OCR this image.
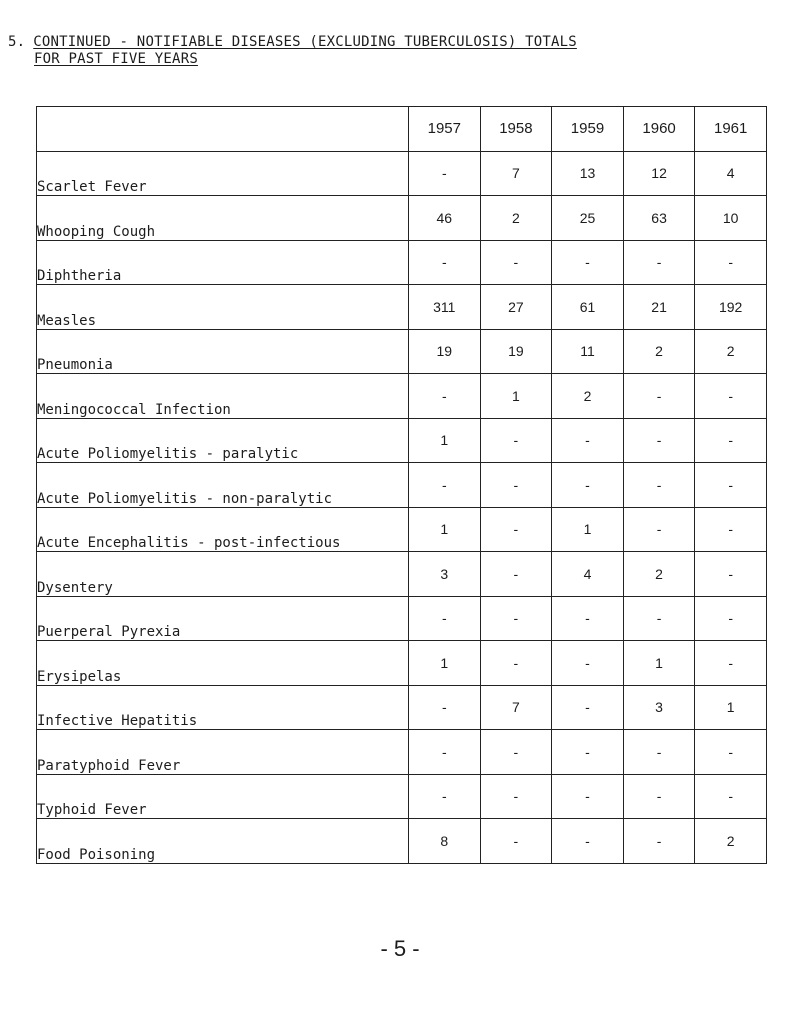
5. CONTINUED - NOTIFIABLE DISEASES (EXCLUDING TUBERCULOSIS) TOTALS
FOR PAST FIVE YEARS
	1957	1958	1959	1960	1961
Scarlet Fever	-	7	13	12	4
Whooping Cough	46	2	25	63	10
Diphtheria	-	-	-	-	-
Measles	311	27	61	21	192
Pneumonia	19	19	11	2	2
Meningococcal Infection	-	1	2	-	-
Acute Poliomyelitis - paralytic	1	-	-	-	-
Acute Poliomyelitis - non-paralytic	-	-	-	-	-
Acute Encephalitis - post-infectious	1	-	1	-	-
Dysentery	3	-	4	2	-
Puerperal Pyrexia	-	-	-	-	-
Erysipelas	1	-	-	1	-
Infective Hepatitis	-	7	-	3	1
Paratyphoid Fever	-	-	-	-	-
Typhoid Fever	-	-	-	-	-
Food Poisoning	8	-	-	-	2
- 5 -
